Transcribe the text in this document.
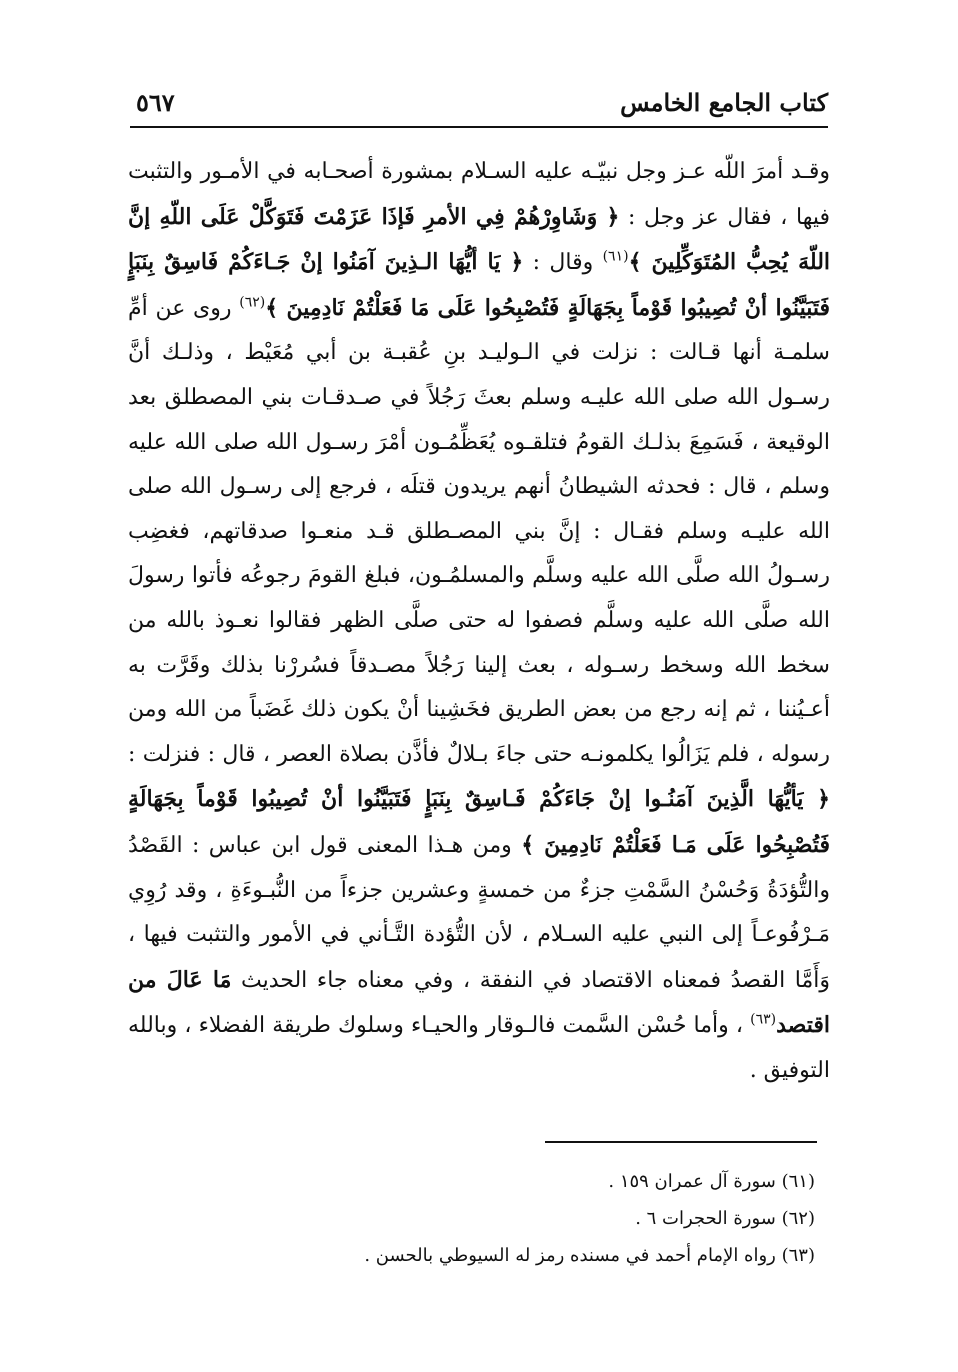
كتاب الجامع الخامس
٥٦٧

وقـد أمرَ اللّه عـز وجل نبيّـه عليه السـلام بمشورة أصحـابه في الأمـور والتثبت فيها ، فقال عز وجل : ﴿ وَشَاوِرْهُمْ فِي الأمرِ فَإذَا عَزَمْتَ فَتَوَكَّلْ عَلَى اللّهِ إنَّ اللّهَ يُحِبُّ المُتَوَكِّلِينَ ﴾$^{(٦١)}$ وقال : ﴿ يَا أيُّهَا الـذِينَ آمَنُوا إنْ جَـاءَكُمْ فَاسِقٌ بِنَبَإٍ فَتَبَيَّنُوا أنْ تُصِيبُوا قَوْماً بِجَهَالَةٍ فَتُصْبِحُوا عَلَى مَا فَعَلْتُمْ نَادِمِينَ ﴾$^{(٦٢)}$ روى عن أمِّ سلمـة أنها قـالت : نزلت في الـوليـد بنِ عُقبـة بن أبي مُعَيْط ، وذلـك أنَّ رسـول الله صلى الله عليـه وسلم بعثَ رَجُلاً في صـدقـات بني المصطلق بعد الوقيعة ، فَسَمِعَ بذلـك القومُ فتلقـوه يُعَظِّمُـون أمْرَ رسـول الله صلى الله عليه وسلم ، قال : فحدثه الشيطانُ أنهم يريدون قتلَه ، فرجع إلى رسـول الله صلى الله عليـه وسلم فقـال : إنَّ بني المصـطلق قـد منعـوا صدقاتهم، فغضِب رسـولُ الله صلَّى الله عليه وسلَّم والمسلمُـون، فبلغ القومَ رجوعُه فأتوا رسولَ الله صلَّى الله عليه وسلَّم فصفوا له حتى صلَّى الظهر فقالوا نعـوذ بالله من سخط الله وسخط رسـوله ، بعث إلينا رَجُلاً مصـدقاً فسُررْنا بذلك وقَرَّت به أعـيُننا ، ثم إنه رجع من بعض الطريق فخَشِينا أنْ يكون ذلك غَضَباً من الله ومن رسوله ، فلم يَزَالُوا يكلمونـه حتى جاءَ بـلالٌ فأذَّن بصلاة العصر ، قال : فنزلت : ﴿ يَأيُّهَا الَّذِينَ آمَنُـوا إنْ جَاءَكُمْ فَـاسِقٌ بِنَبَإٍ فَتَبَيَّنُوا أنْ تُصِيبُوا قَوْماً بِجَهَالَةٍ فَتُصْبِحُوا عَلَى مَـا فَعَلْتُمْ نَادِمِينَ ﴾ ومن هـذا المعنى قول ابن عباس : القَصْدُ والتُّؤدَةُ وَحُسْنُ السَّمْتِ جزءٌ من خمسةٍ وعشرين جزءاً من النُّبـوءَةِ ، وقد رُوِي مَـرْفُوعـاً إلى النبي عليه السـلام ، لأن التُّؤدة التَّـأني في الأمور والتثبت فيها ، وَأَمَّا القصدُ فمعناه الاقتصاد في النفقة ، وفي معناه جاء الحديث مَا عَالَ من اقتصد$^{(٦٣)}$ ، وأما حُسْن السَّمت فالـوقار والحيـاء وسلوك طريقة الفضلاء ، وبالله التوفيق .

(٦١) سورة آل عمران ١٥٩ .
(٦٢) سورة الحجرات ٦ .
(٦٣) رواه الإمام أحمد في مسنده رمز له السيوطي بالحسن .
